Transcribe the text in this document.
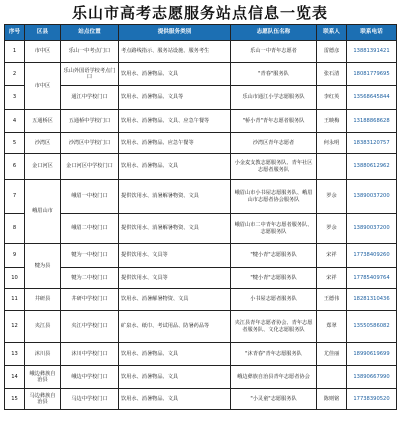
乐山市高考志愿服务站点信息一览表
序号	区县	站点位置	提供服务类别	志愿队伍名称	联系人	联系电话
1	市中区	乐山一中考点门口	考点路线指示、服务站设施、服务考生	乐山一中青年志愿者	雷德彦	13881391421
2	市中区	乐山外国语学校考点门口	饮用水、消暑物品、文具	"青春"服务队	张石清	18081779695
3		通江中学校门口	饮用水、消暑物品、文具等	乐山市通江小学志愿服务队	李红英	13568645844
4	五通桥区	五通桥中学校门口	饮用水、消暑物品、文具、应急午餐等	"桥小青"青年志愿者服务队	王映梅	13188868628
5	沙湾区	沙湾区中学校门口	饮用水、消暑物品、应急午餐等	沙湾区青年志愿者	何永明	18383120757
6	金口河区	金口河区中学校门口	饮用水、消暑物品、文具	小金麦支教志愿服务队、青年社区志愿者服务队		13880612962
7	峨眉山市	峨眉一中校门口	提供饮用水、消暑解暑物资、文具	峨眉山市小书屋志愿服务队、峨眉山市志愿者协会服务队	罗余	13890037200
8		峨眉二中校门口	提供饮用水、消暑解暑物资、文具	峨眉山市二中青年志愿者服务队、志愿服务队	罗余	13890037200
9	犍为县	犍为一中校门口	提供饮用水、文具等	"犍小青"志愿服务队	宋祥	17738409260
10		犍为二中校门口	提供饮用水、文具等	"犍小青"志愿服务队	宋祥	17785409764
11	井研县	井研中学校门口	饮用水、消暑解暑物资、文具	小书屋志愿者服务队	王德伟	18281310436
12	夹江县	夹江中学校门口	矿泉水、纸巾、考试用品、防暑药品等	夹江县青年志愿者协会、青年志愿者服务队、文化志愿服务队	郑翠	13550586082
13	沐川县	沐川中学校门口	饮用水、消暑物品、文具	"沐青春"青年志愿服务队	尤佳丽	18990619699
14	峨边彝族自治县	峨边中学校门口	饮用水、消暑物品、文具	峨边彝族自治县青年志愿者协会		13890667990
15	马边彝族自治县	马边中学校门口	饮用水、消暑物品、文具	"小灵童"志愿服务队	陈则铭	17738390520
